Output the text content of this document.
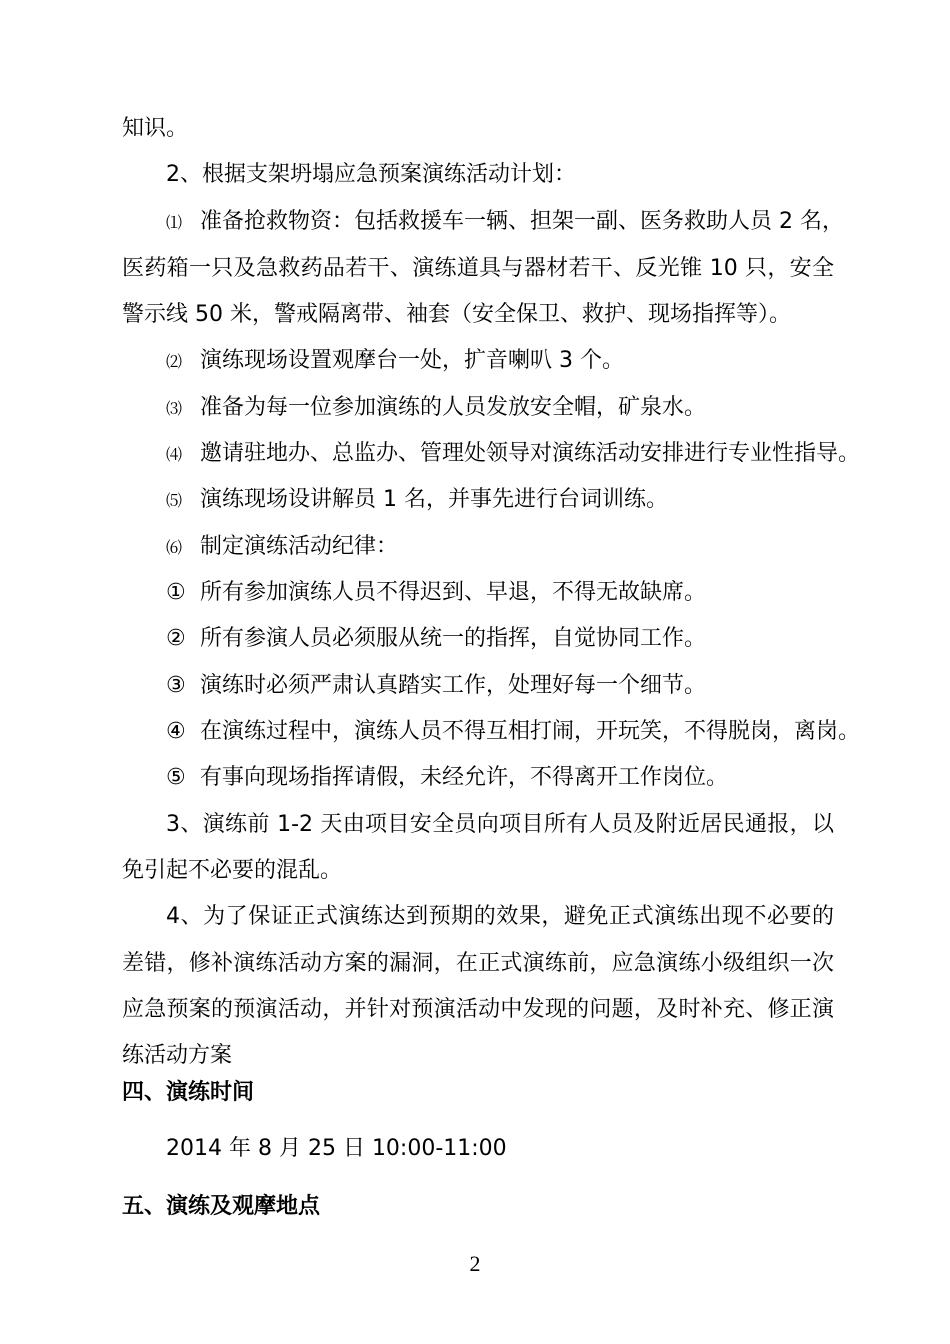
知识。
2、根据支架坍塌应急预案演练活动计划：
⑴ 准备抢救物资：包括救援车一辆、担架一副、医务救助人员 2 名，
医药箱一只及急救药品若干、演练道具与器材若干、反光锥 10 只，安全
警示线 50 米，警戒隔离带、袖套（安全保卫、救护、现场指挥等）。
⑵ 演练现场设置观摩台一处，扩音喇叭 3 个。
⑶ 准备为每一位参加演练的人员发放安全帽，矿泉水。
⑷ 邀请驻地办、总监办、管理处领导对演练活动安排进行专业性指导。
⑸ 演练现场设讲解员 1 名，并事先进行台词训练。
⑹ 制定演练活动纪律：
① 所有参加演练人员不得迟到、早退，不得无故缺席。
② 所有参演人员必须服从统一的指挥，自觉协同工作。
③ 演练时必须严肃认真踏实工作，处理好每一个细节。
④ 在演练过程中，演练人员不得互相打闹，开玩笑，不得脱岗，离岗。
⑤ 有事向现场指挥请假，未经允许，不得离开工作岗位。
3、演练前 1-2 天由项目安全员向项目所有人员及附近居民通报，以
免引起不必要的混乱。
4、为了保证正式演练达到预期的效果，避免正式演练出现不必要的
差错，修补演练活动方案的漏洞，在正式演练前，应急演练小级组织一次
应急预案的预演活动，并针对预演活动中发现的问题，及时补充、修正演
练活动方案
四、演练时间
2014 年 8 月 25 日 10:00-11:00
五、演练及观摩地点
2
